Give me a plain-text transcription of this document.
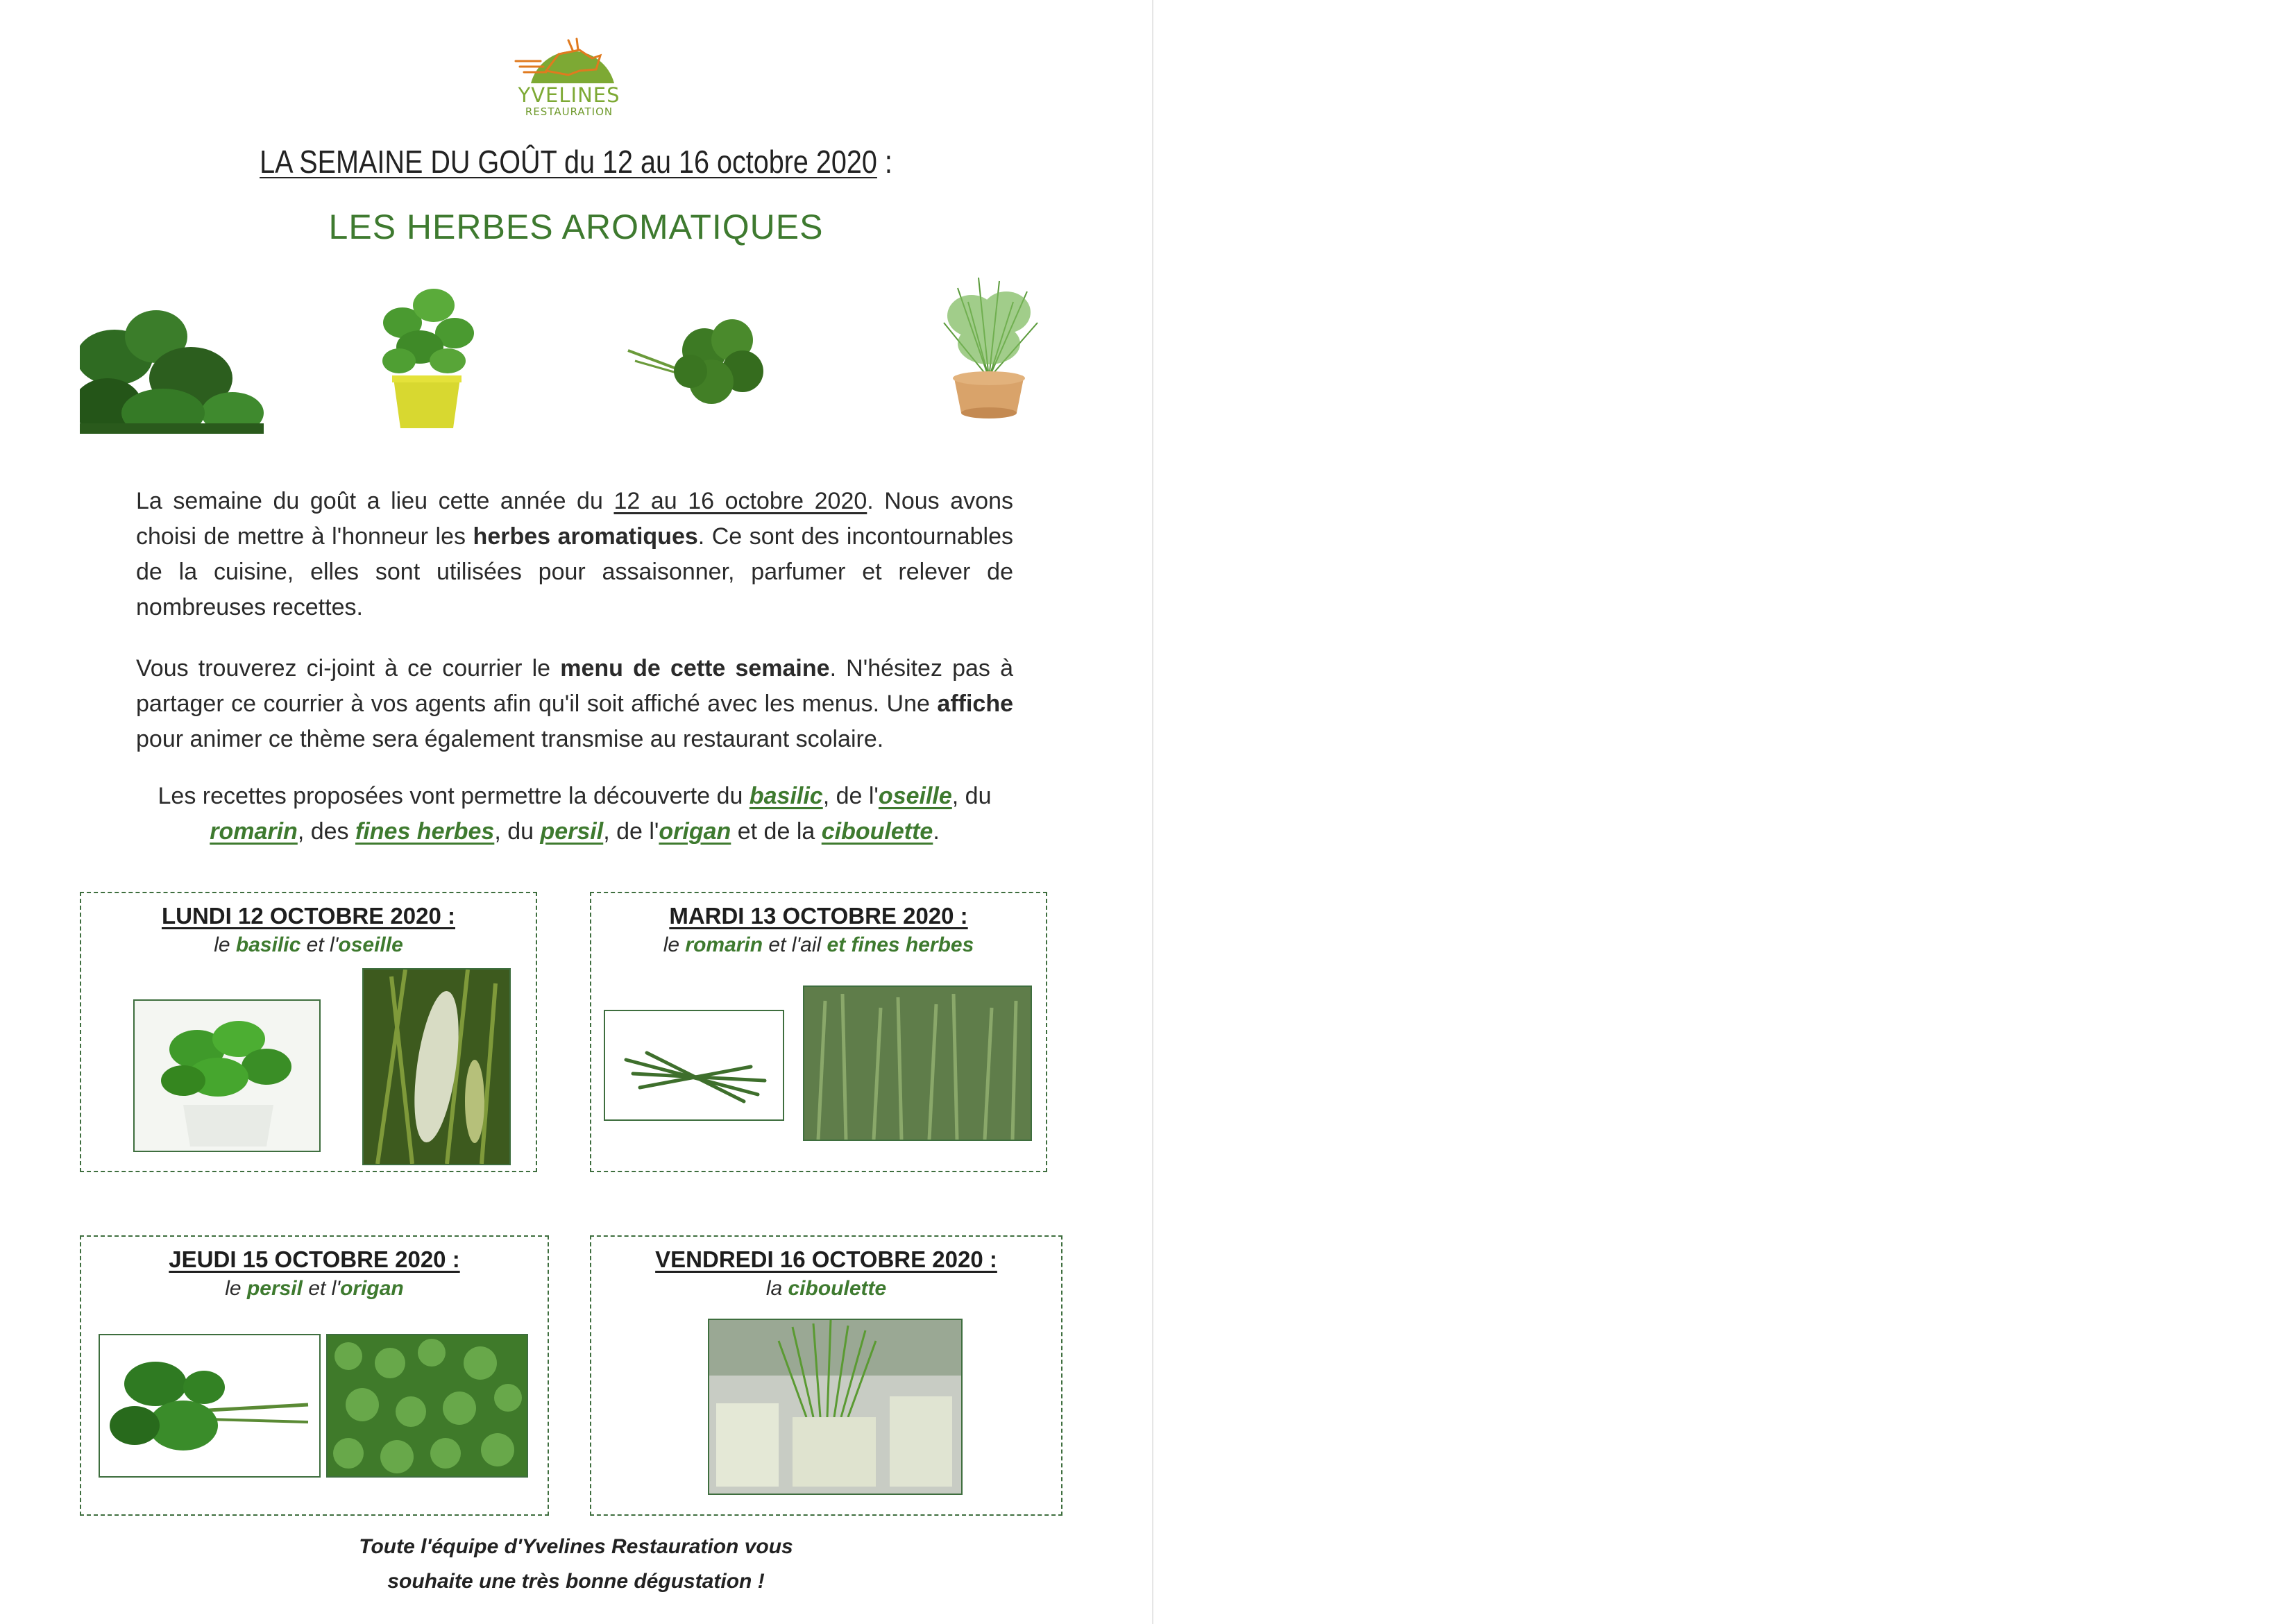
YVELINES
RESTAURATION
LA SEMAINE DU GOÛT du 12 au 16 octobre 2020 :
LES HERBES AROMATIQUES
La semaine du goût a lieu cette année du 12 au 16 octobre 2020. Nous avons choisi de mettre à l'honneur les herbes aromatiques. Ce sont des incontournables de la cuisine, elles sont utilisées pour assaisonner, parfumer et relever de nombreuses recettes.
Vous trouverez ci-joint à ce courrier le menu de cette semaine. N'hésitez pas à partager ce courrier à vos agents afin qu'il soit affiché avec les menus. Une affiche pour animer ce thème sera également transmise au restaurant scolaire.
Les recettes proposées vont permettre la découverte du basilic, de l'oseille, du
romarin, des fines herbes, du persil, de l'origan et de la ciboulette.
LUNDI 12 OCTOBRE 2020 :
le basilic et l'oseille
MARDI 13 OCTOBRE 2020 :
le romarin et l'ail et fines herbes
JEUDI 15 OCTOBRE 2020 :
le persil et l'origan
VENDREDI 16 OCTOBRE 2020 :
la ciboulette
Toute l'équipe d'Yvelines Restauration vous
souhaite une très bonne dégustation !
